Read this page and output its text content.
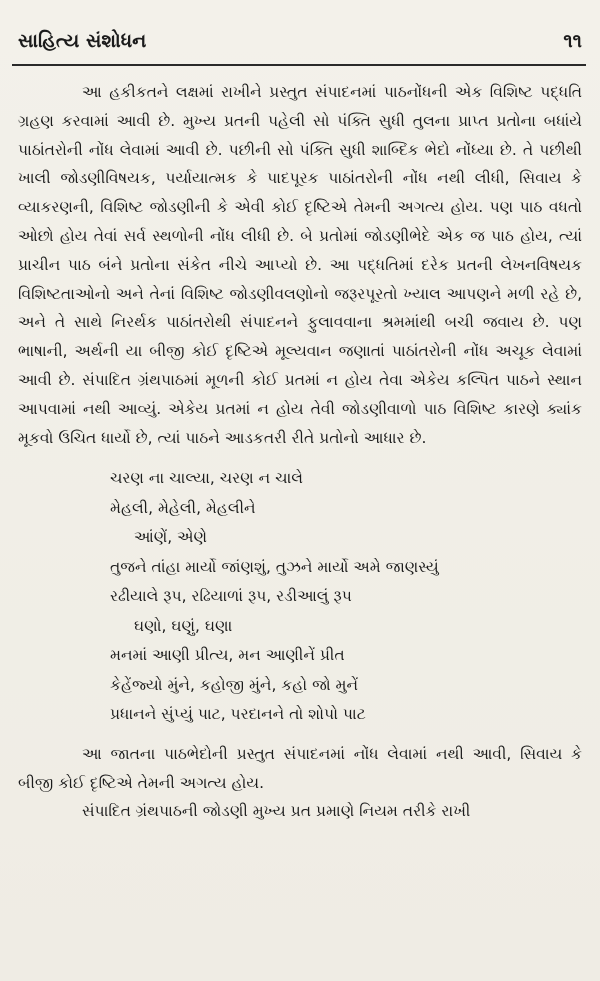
સાહિત્ય સંશોધન	૧૧

આ હકીકતને લક્ષમાં રાખીને પ્રસ્તુત સંપાદનમાં પાઠનોંધની એક વિશિષ્ટ પદ્ધતિ ગ્રહણ કરવામાં આવી છે. મુખ્ય પ્રતની પહેલી સો પંક્તિ સુધી તુલના પ્રાપ્ત પ્રતોના બધાંયે પાઠાંતરોની નોંધ લેવામાં આવી છે. પછીની સો પંક્તિ સુધી શાબ્દિક ભેદો નોંધ્યા છે. તે પછીથી ખાલી જોડણીવિષયક, પર્યાયાત્મક કે પાદપૂરક પાઠાંતરોની નોંધ નથી લીધી, સિવાય કે વ્યાકરણની, વિશિષ્ટ જોડણીની કે એવી કોઈ દૃષ્ટિએ તેમની અગત્ય હોય. પણ પાઠ વધતો ઓછો હોય તેવાં સર્વ સ્થળોની નોંધ લીધી છે. બે પ્રતોમાં જોડણીભેદે એક જ પાઠ હોય, ત્યાં પ્રાચીન પાઠ બંને પ્રતોના સંકેત નીચે આપ્યો છે. આ પદ્ધતિમાં દરેક પ્રતની લેખનવિષયક વિશિષ્ટતાઓનો અને તેનાં વિશિષ્ટ જોડણીવલણોનો જરૂરપૂરતો ખ્યાલ આપણને મળી રહે છે, અને તે સાથે નિરર્થક પાઠાંતરોથી સંપાદનને ફુલાવવાના શ્રમમાંથી બચી જવાય છે. પણ ભાષાની, અર્થની યા બીજી કોઈ દૃષ્ટિએ મૂલ્યવાન જણાતાં પાઠાંતરોની નોંધ અચૂક લેવામાં આવી છે. સંપાદિત ગ્રંથપાઠમાં મૂળની કોઈ પ્રતમાં ન હોય તેવા એકેય કલ્પિત પાઠને સ્થાન આપવામાં નથી આવ્યું. એકેય પ્રતમાં ન હોય તેવી જોડણીવાળો પાઠ વિશિષ્ટ કારણે ક્યાંક મૂકવો ઉચિત ધાર્યો છે, ત્યાં પાઠને આડકતરી રીતે પ્રતોનો આધાર છે.

ચરણ ના ચાલ્યા, ચરણ ન ચાલે
મેહલી, મેહેલી, મેહલીને
આંણેં, એણે
તુજને તાંહા માર્યો જાંણશું, તુઝને માર્યો અમે જાણસ્યું
રઢીયાલે રૂપ, રઢિયાળાં રૂપ, રડીઆલું રૂપ
ઘણો, ઘણું, ઘણા
મનમાં આણી પ્રીત્ય, મન આણીનેં પ્રીત
કેહેંજ્યો મુંને, કહોજી મુંને, કહો જો મુનેં
પ્રધાનને સુંપ્યું પાટ, પરદાનને તો શોપો પાટ

આ જાતના પાઠભેદોની પ્રસ્તુત સંપાદનમાં નોંધ લેવામાં નથી આવી, સિવાય કે બીજી કોઈ દૃષ્ટિએ તેમની અગત્ય હોય.

સંપાદિત ગ્રંથપાઠની જોડણી મુખ્ય પ્રત પ્રમાણે નિયમ તરીકે રાખી
